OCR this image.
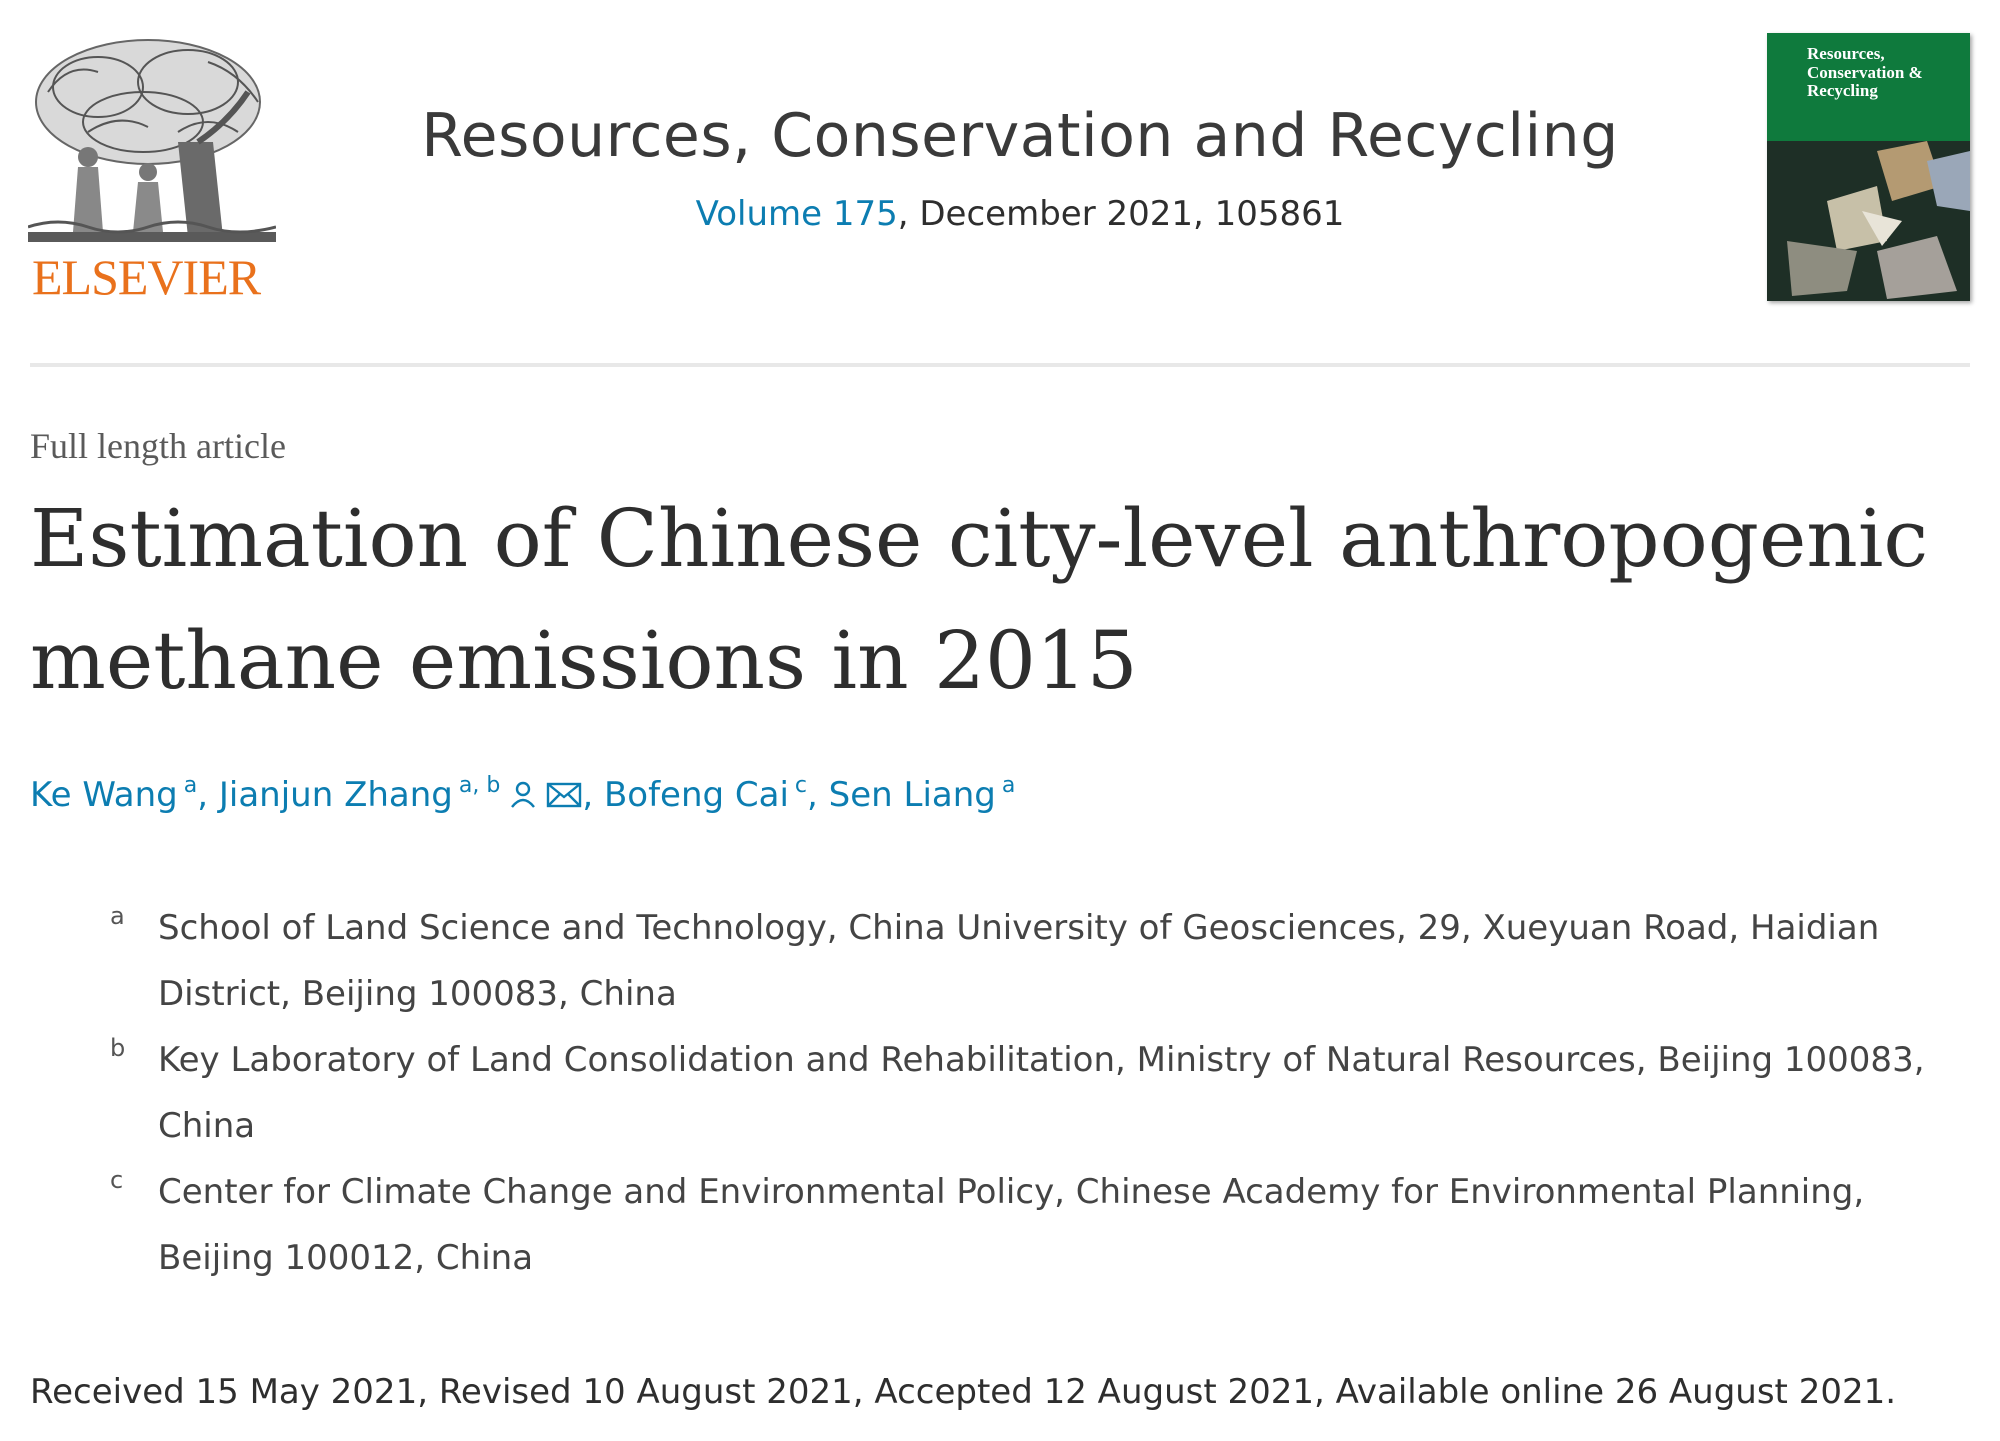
ELSEVIER
Resources, Conservation and Recycling
Volume 175, December 2021, 105861
Resources, Conservation & Recycling
Full length article
Estimation of Chinese city-level anthropogenic methane emissions in 2015
Ke Wang $^a$, Jianjun Zhang $^{a, b}$ , Bofeng Cai $^c$, Sen Liang $^a$
a School of Land Science and Technology, China University of Geosciences, 29, Xueyuan Road, Haidian District, Beijing 100083, China
b Key Laboratory of Land Consolidation and Rehabilitation, Ministry of Natural Resources, Beijing 100083, China
c Center for Climate Change and Environmental Policy, Chinese Academy for Environmental Planning, Beijing 100012, China
Received 15 May 2021, Revised 10 August 2021, Accepted 12 August 2021, Available online 26 August 2021.
